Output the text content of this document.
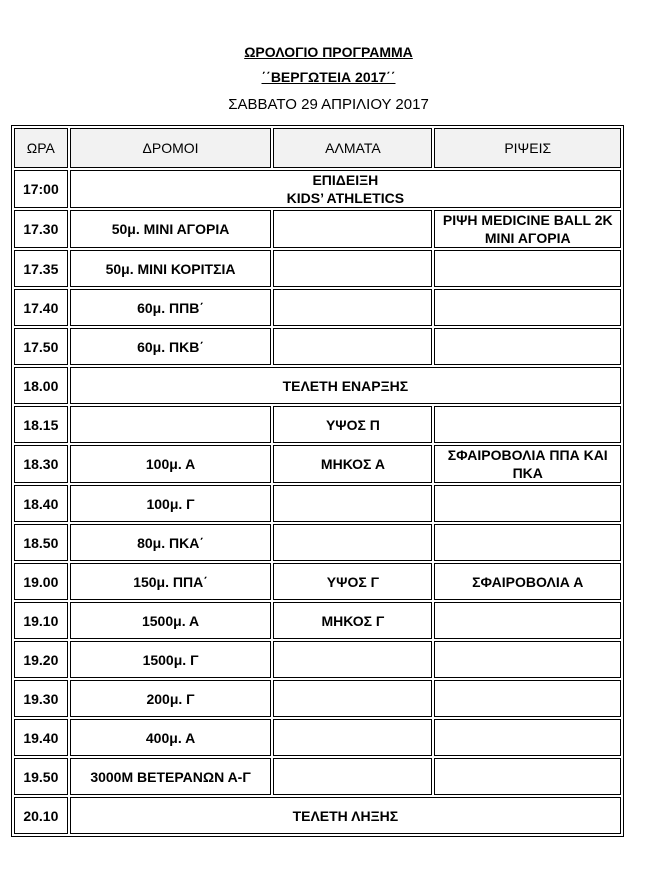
ΩΡΟΛΟΓΙΟ ΠΡΟΓΡΑΜΜΑ
΄΄ΒΕΡΓΩΤΕΙΑ 2017΄΄
ΣΑΒΒΑΤΟ 29 ΑΠΡΙΛΙΟΥ 2017
ΩΡΑ	ΔΡΟΜΟΙ	ΑΛΜΑΤΑ	ΡΙΨΕΙΣ
17:00	ΕΠΙΔΕΙΞΗ
KIDS’ ATHLETICS		

17.30	50μ. ΜΙΝΙ ΑΓΟΡΙΑ		ΡΙΨΗ MEDICINE BALL 2K ΜΙΝΙ ΑΓΟΡΙΑ
17.35	50μ. ΜΙΝΙ ΚΟΡΙΤΣΙΑ		
17.40	60μ. ΠΠΒ΄		
17.50	60μ. ΠΚΒ΄		
18.00	ΤΕΛΕΤΗ ΕΝΑΡΞΗΣ		

18.15		ΥΨΟΣ Π	
18.30	100μ. Α	ΜΗΚΟΣ Α	ΣΦΑΙΡΟΒΟΛΙΑ ΠΠΑ ΚΑΙ ΠΚΑ
18.40	100μ. Γ		
18.50	80μ. ΠΚΑ΄		
19.00	150μ. ΠΠΑ΄	ΥΨΟΣ Γ	ΣΦΑΙΡΟΒΟΛΙΑ Α
19.10	1500μ. Α	ΜΗΚΟΣ Γ	
19.20	1500μ. Γ		
19.30	200μ. Γ		
19.40	400μ. Α		
19.50	3000Μ ΒΕΤΕΡΑΝΩΝ Α-Γ		
20.10	ΤΕΛΕΤΗ ΛΗΞΗΣ		
